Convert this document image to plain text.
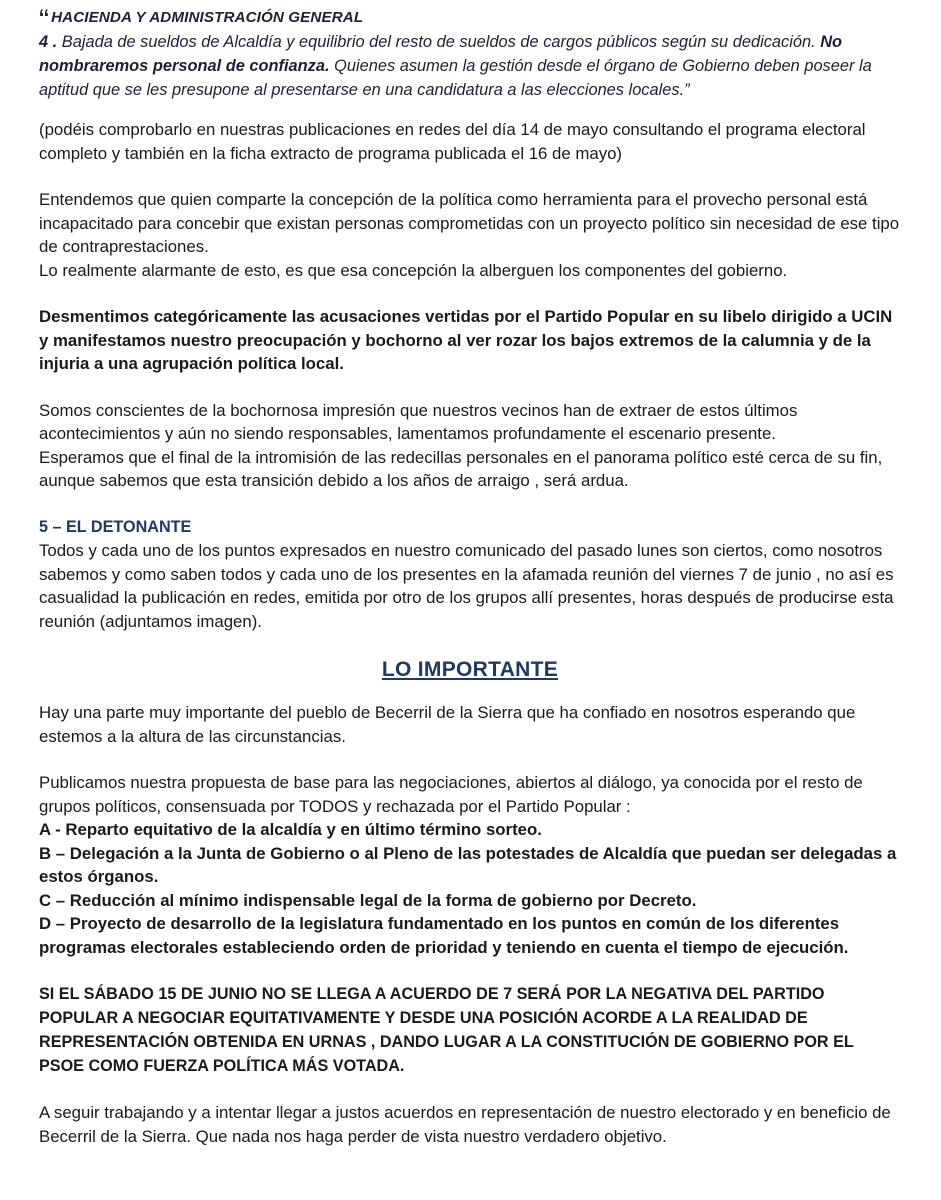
“ HACIENDA Y ADMINISTRACIÓN GENERAL
4 . Bajada de sueldos de Alcaldía y equilibrio del resto de sueldos de cargos públicos según su dedicación. No nombraremos personal de confianza. Quienes asumen la gestión desde el órgano de Gobierno deben poseer la aptitud que se les presupone al presentarse en una candidatura a las elecciones locales.”

(podéis comprobarlo en nuestras publicaciones en redes del día 14 de mayo consultando el programa electoral completo y también en la ficha extracto de programa publicada el 16 de mayo)

Entendemos que quien comparte la concepción de la política como herramienta para el provecho personal está incapacitado para concebir que existan personas comprometidas con un proyecto político sin necesidad de ese tipo de contraprestaciones.

Lo realmente alarmante de esto, es que esa concepción la alberguen los componentes del gobierno.

Desmentimos categóricamente las acusaciones vertidas por el Partido Popular en su libelo dirigido a UCIN y manifestamos nuestro preocupación y bochorno al ver rozar los bajos extremos de la calumnia y de la injuria a una agrupación política local.

Somos conscientes de la bochornosa impresión que nuestros vecinos han de extraer de estos últimos acontecimientos y aún no siendo responsables, lamentamos profundamente el escenario presente.

Esperamos que el final de la intromisión de las redecillas personales en el panorama político esté cerca de su fin, aunque sabemos que esta transición debido a los años de arraigo , será ardua.

5 – EL DETONANTE

Todos y cada uno de los puntos expresados en nuestro comunicado del pasado lunes son ciertos, como nosotros sabemos y como saben todos y cada uno de los presentes en la afamada reunión del viernes 7 de junio , no así es casualidad la publicación en redes, emitida por otro de los grupos allí presentes, horas después de producirse esta reunión (adjuntamos imagen).

LO IMPORTANTE

Hay una parte muy importante del pueblo de Becerril de la Sierra que ha confiado en nosotros esperando que estemos a la altura de las circunstancias.

Publicamos nuestra propuesta de base para las negociaciones, abiertos al diálogo, ya conocida por el resto de grupos políticos, consensuada por TODOS y rechazada por el Partido Popular :

A - Reparto equitativo de la alcaldía y en último término sorteo.

B – Delegación a la Junta de Gobierno o al Pleno de las potestades de Alcaldía que puedan ser delegadas a estos órganos.

C – Reducción al mínimo indispensable legal de la forma de gobierno por Decreto.

D – Proyecto de desarrollo de la legislatura fundamentado en los puntos en común de los diferentes programas electorales estableciendo orden de prioridad y teniendo en cuenta el tiempo de ejecución.

SI EL SÁBADO 15 DE JUNIO NO SE LLEGA A ACUERDO DE 7 SERÁ POR LA NEGATIVA DEL PARTIDO POPULAR A NEGOCIAR EQUITATIVAMENTE Y DESDE UNA POSICIÓN ACORDE A LA REALIDAD DE REPRESENTACIÓN OBTENIDA EN URNAS , DANDO LUGAR A LA CONSTITUCIÓN DE GOBIERNO POR EL PSOE COMO FUERZA POLÍTICA MÁS VOTADA.

A seguir trabajando y a intentar llegar a justos acuerdos en representación de nuestro electorado y en beneficio de Becerril de la Sierra. Que nada nos haga perder de vista nuestro verdadero objetivo.
